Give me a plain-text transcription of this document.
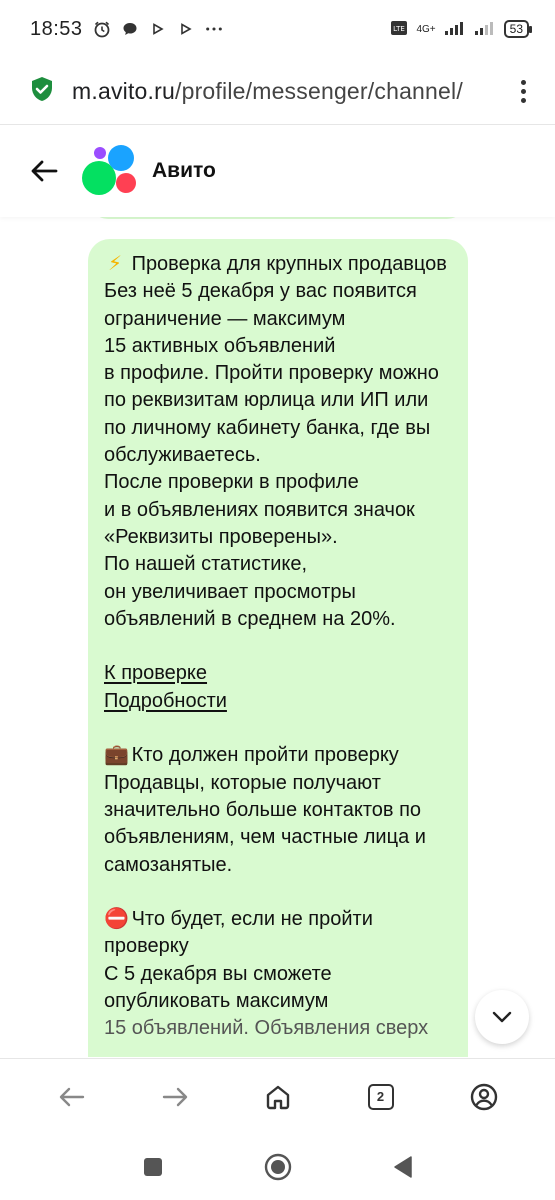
18:53	LTE 4G+	53
m.avito.ru/profile/messenger/channel/
Авито

⚡ Проверка для крупных продавцов

Без неё 5 декабря у вас появится ограничение — максимум
15 активных объявлений
в профиле. Пройти проверку можно по реквизитам юрлица или ИП или по личному кабинету банка, где вы обслуживаетесь.
После проверки в профиле
и в объявлениях появится значок «Реквизиты проверены».
По нашей статистике,
он увеличивает просмотры объявлений в среднем на 20%.

К проверке
Подробности

💼 Кто должен пройти проверку

Продавцы, которые получают значительно больше контактов по объявлениям, чем частные лица и самозанятые.

⛔ Что будет, если не пройти проверку

С 5 декабря вы сможете опубликовать максимум

15 объявлений. Объявления сверх

2
